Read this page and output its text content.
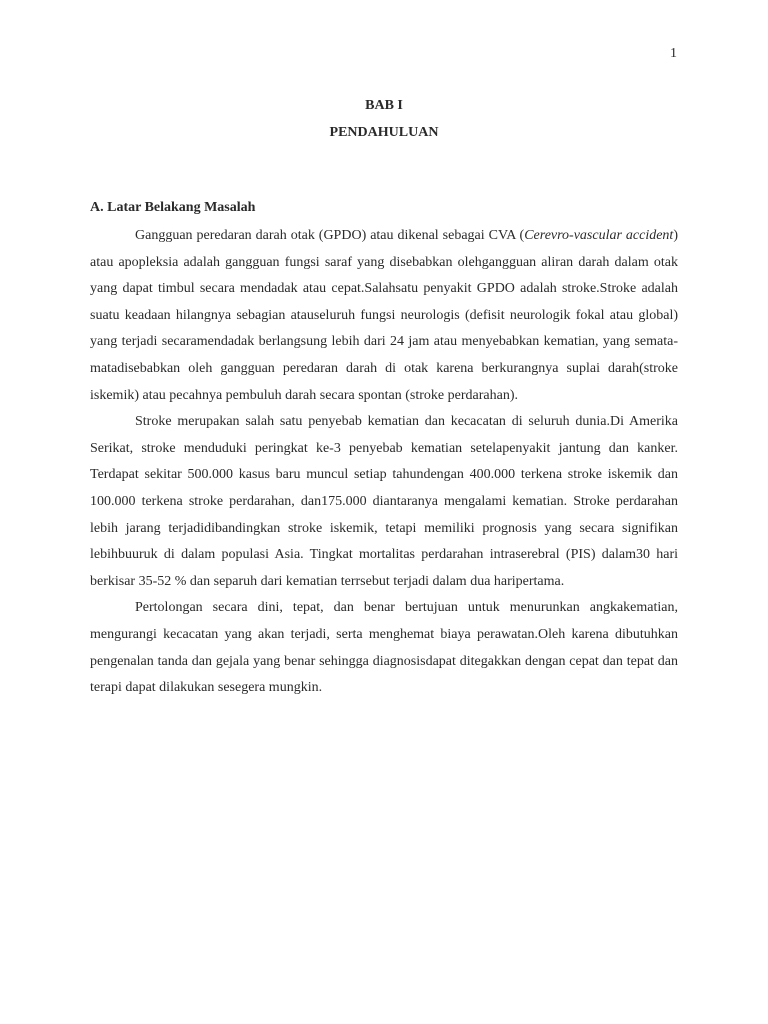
1
BAB I
PENDAHULUAN
A. Latar Belakang Masalah

Gangguan peredaran darah otak (GPDO) atau dikenal sebagai CVA (Cerevro-vascular accident) atau apopleksia adalah gangguan fungsi saraf yang disebabkan olehgangguan aliran darah dalam otak yang dapat timbul secara mendadak atau cepat.Salahsatu penyakit GPDO adalah stroke.Stroke adalah suatu keadaan hilangnya sebagian atauseluruh fungsi neurologis (defisit neurologik fokal atau global) yang terjadi secaramendadak berlangsung lebih dari 24 jam atau menyebabkan kematian, yang semata-matadisebabkan oleh gangguan peredaran darah di otak karena berkurangnya suplai darah(stroke iskemik) atau pecahnya pembuluh darah secara spontan (stroke perdarahan).

Stroke merupakan salah satu penyebab kematian dan kecacatan di seluruh dunia.Di Amerika Serikat, stroke menduduki peringkat ke-3 penyebab kematian setelapenyakit jantung dan kanker. Terdapat sekitar 500.000 kasus baru muncul setiap tahundengan 400.000 terkena stroke iskemik dan 100.000 terkena stroke perdarahan, dan175.000 diantaranya mengalami kematian. Stroke perdarahan lebih jarang terjadidibandingkan stroke iskemik, tetapi memiliki prognosis yang secara signifikan lebihbuuruk di dalam populasi Asia. Tingkat mortalitas perdarahan intraserebral (PIS) dalam30 hari berkisar 35-52 % dan separuh dari kematian terrsebut terjadi dalam dua haripertama.

Pertolongan secara dini, tepat, dan benar bertujuan untuk menurunkan angkakematian, mengurangi kecacatan yang akan terjadi, serta menghemat biaya perawatan.Oleh karena dibutuhkan pengenalan tanda dan gejala yang benar sehingga diagnosisdapat ditegakkan dengan cepat dan tepat dan terapi dapat dilakukan sesegera mungkin.
